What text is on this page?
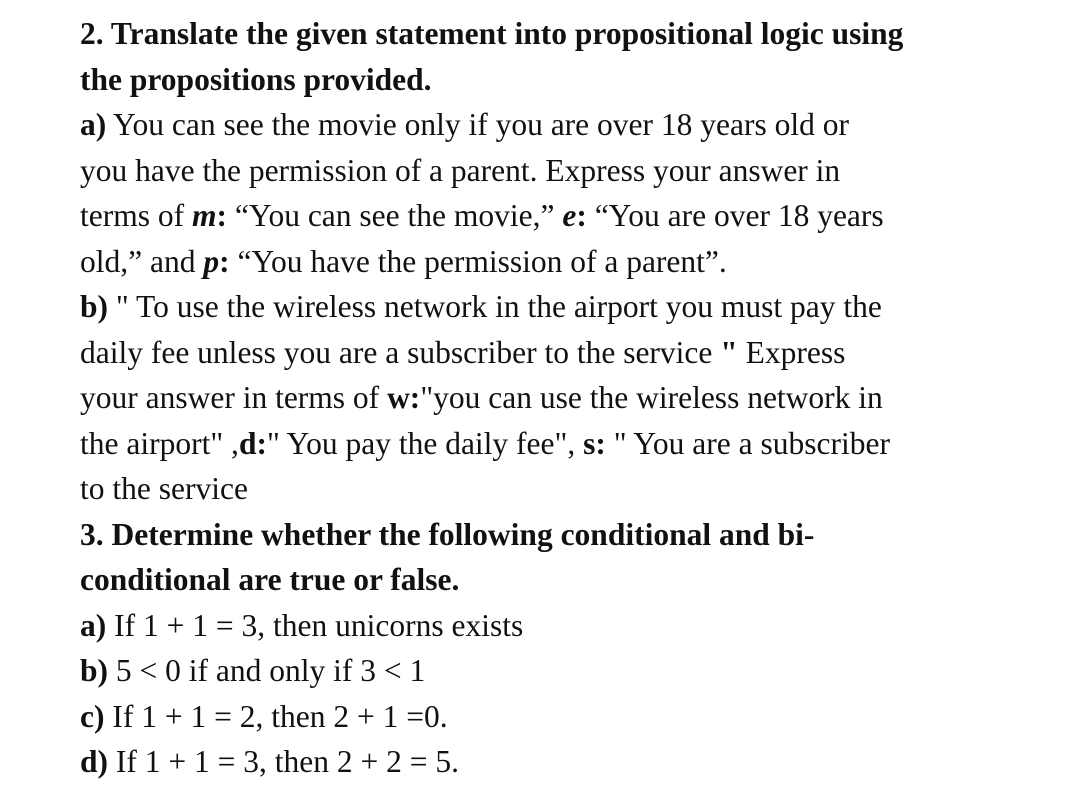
2. Translate the given statement into propositional logic using
the propositions provided.
a) You can see the movie only if you are over 18 years old or
you have the permission of a parent. Express your answer in
terms of m: “You can see the movie,” e: “You are over 18 years
old,” and p: “You have the permission of a parent”.
b) " To use the wireless network in the airport you must pay the
daily fee unless you are a subscriber to the service " Express
your answer in terms of w:"you can use the wireless network in
the airport" ,d:" You pay the daily fee", s: " You are a subscriber
to the service
3. Determine whether the following conditional and bi-
conditional are true or false.
a) If 1 + 1 = 3, then unicorns exists
b) 5 < 0 if and only if 3 < 1
c) If 1 + 1 = 2, then 2 + 1 =0.
d) If 1 + 1 = 3, then 2 + 2 = 5.
